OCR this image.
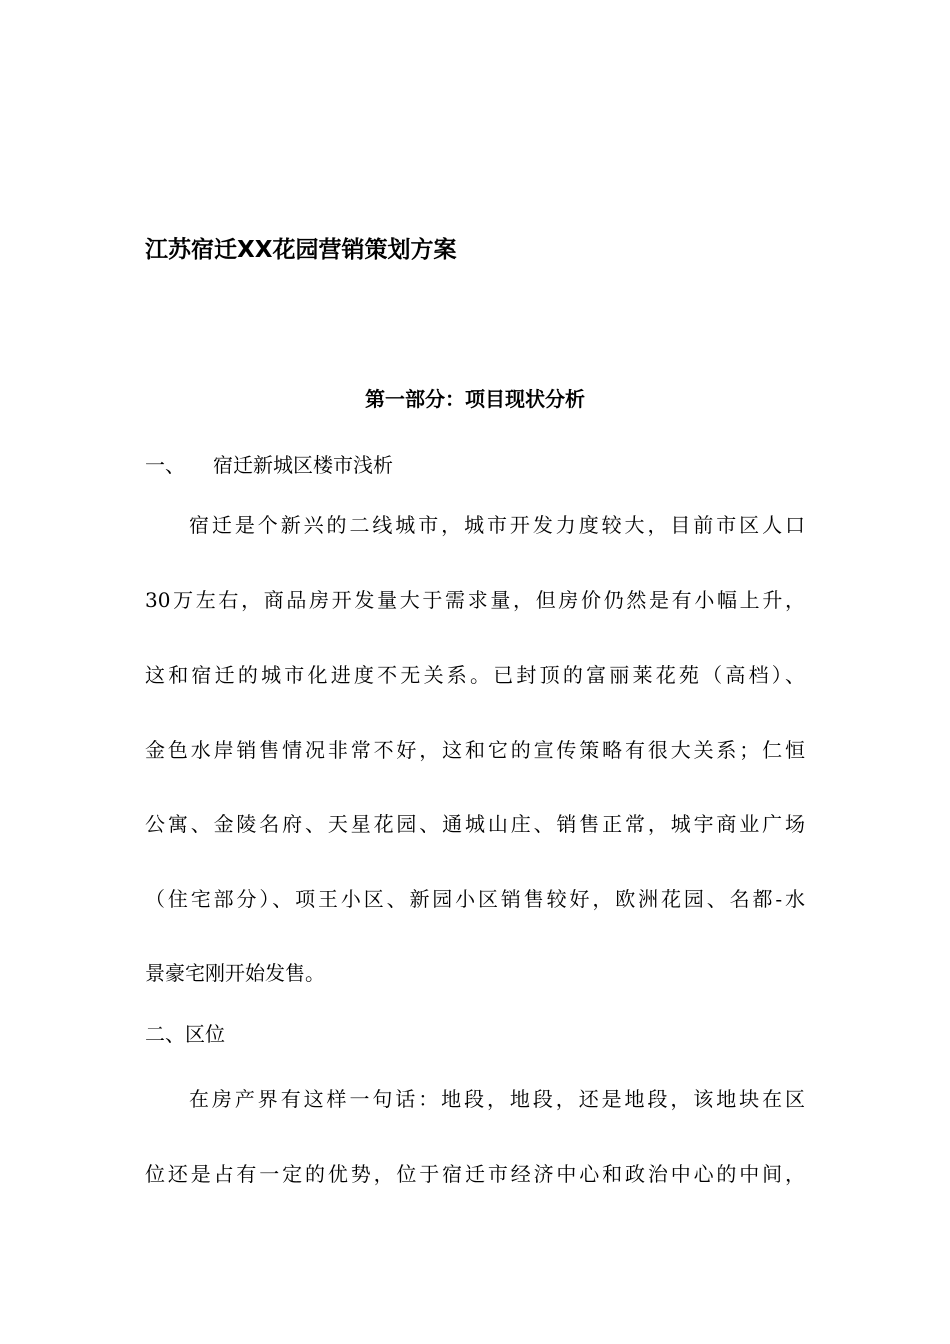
江苏宿迁XX花园营销策划方案
第一部分：项目现状分析
一、 宿迁新城区楼市浅析

宿迁是个新兴的二线城市，城市开发力度较大，目前市区人口

30万左右，商品房开发量大于需求量，但房价仍然是有小幅上升，

这和宿迁的城市化进度不无关系。已封顶的富丽莱花苑（高档）、

金色水岸销售情况非常不好，这和它的宣传策略有很大关系；仁恒

公寓、金陵名府、天星花园、通城山庄、销售正常，城宇商业广场

（住宅部分）、项王小区、新园小区销售较好，欧洲花园、名都-水

景豪宅刚开始发售。

二、区位

在房产界有这样一句话：地段，地段，还是地段，该地块在区

位还是占有一定的优势，位于宿迁市经济中心和政治中心的中间，
